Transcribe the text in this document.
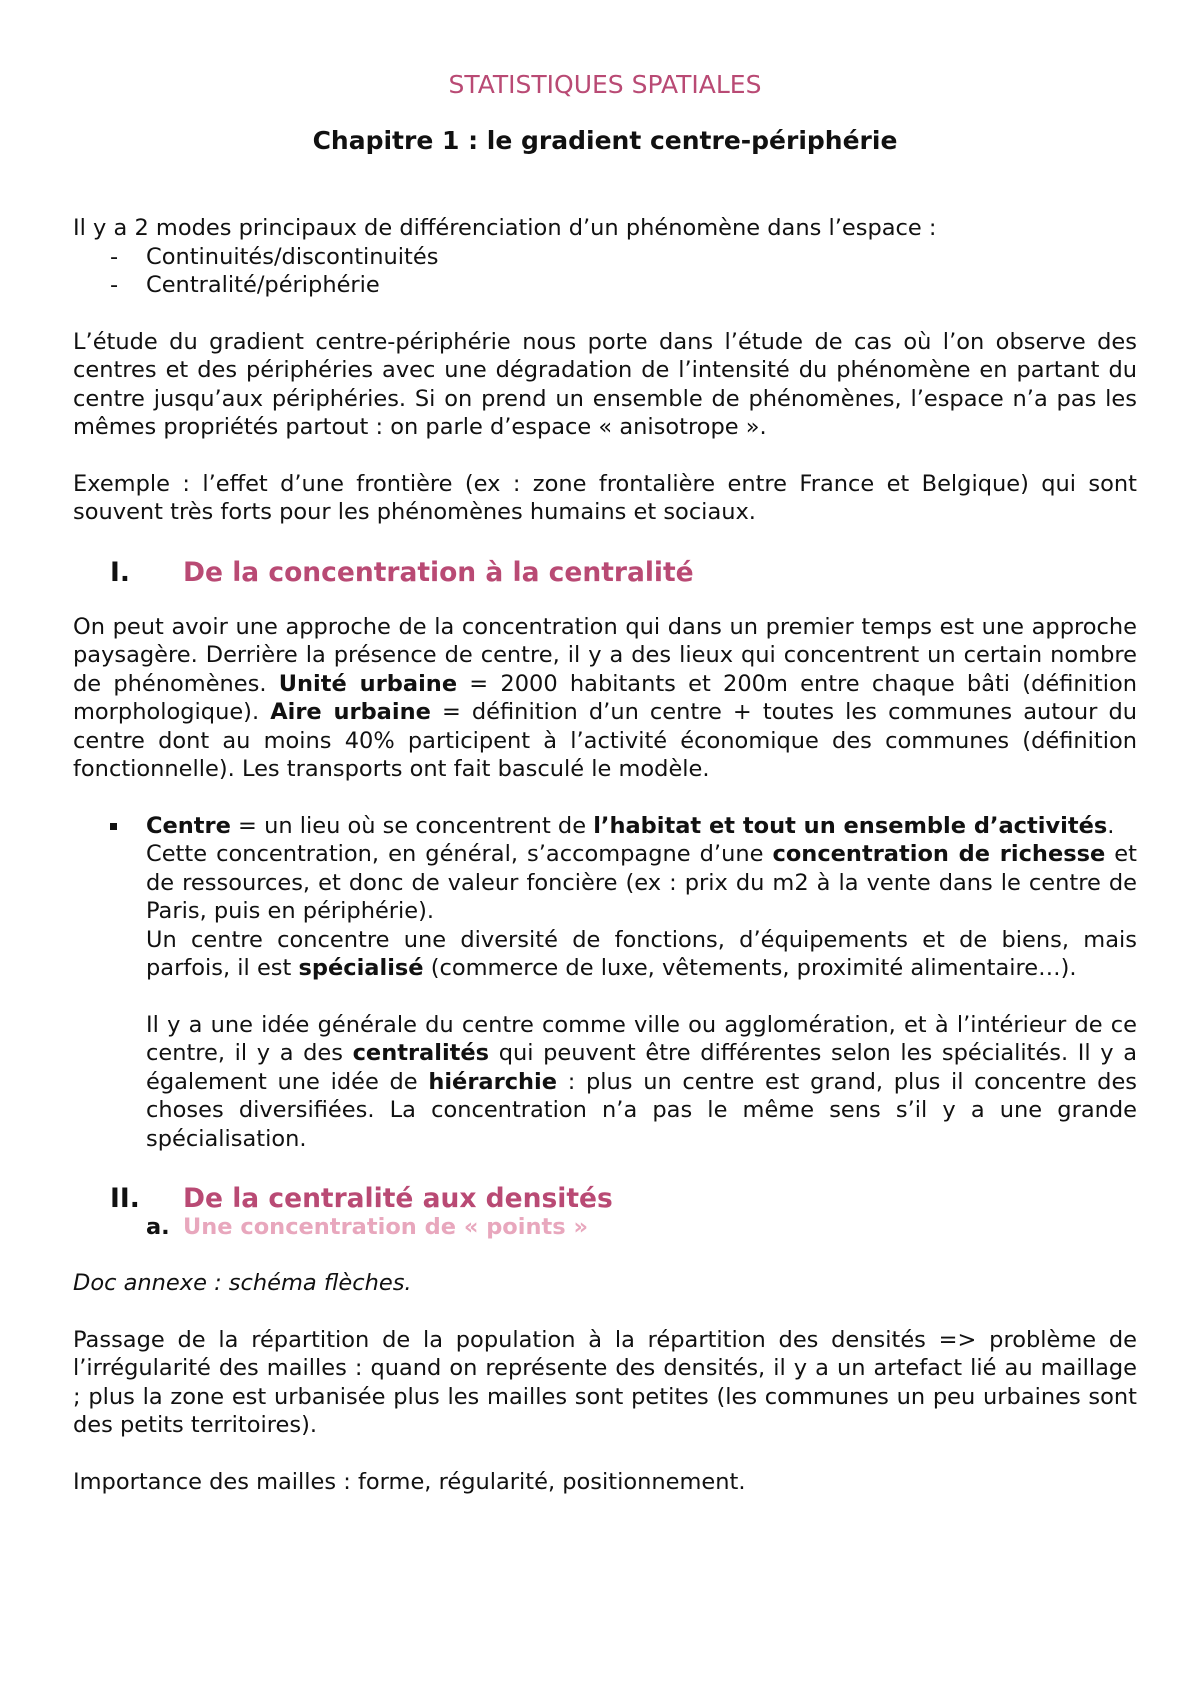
STATISTIQUES SPATIALES
Chapitre 1 : le gradient centre-périphérie

Il y a 2 modes principaux de différenciation d’un phénomène dans l’espace :

- Continuités/discontinuités
- Centralité/périphérie

L’étude du gradient centre-périphérie nous porte dans l’étude de cas où l’on observe des centres et des périphéries avec une dégradation de l’intensité du phénomène en partant du centre jusqu’aux périphéries. Si on prend un ensemble de phénomènes, l’espace n’a pas les mêmes propriétés partout : on parle d’espace « anisotrope ».

Exemple : l’effet d’une frontière (ex : zone frontalière entre France et Belgique) qui sont souvent très forts pour les phénomènes humains et sociaux.

I.	De la concentration à la centralité

On peut avoir une approche de la concentration qui dans un premier temps est une approche paysagère. Derrière la présence de centre, il y a des lieux qui concentrent un certain nombre de phénomènes. Unité urbaine = 2000 habitants et 200m entre chaque bâti (définition morphologique). Aire urbaine = définition d’un centre + toutes les communes autour du centre dont au moins 40% participent à l’activité économique des communes (définition fonctionnelle). Les transports ont fait basculé le modèle.

Centre = un lieu où se concentrent de l’habitat et tout un ensemble d’activités.

Cette concentration, en général, s’accompagne d’une concentration de richesse et de ressources, et donc de valeur foncière (ex : prix du m2 à la vente dans le centre de Paris, puis en périphérie).

Un centre concentre une diversité de fonctions, d’équipements et de biens, mais parfois, il est spécialisé (commerce de luxe, vêtements, proximité alimentaire…).

Il y a une idée générale du centre comme ville ou agglomération, et à l’intérieur de ce centre, il y a des centralités qui peuvent être différentes selon les spécialités. Il y a également une idée de hiérarchie : plus un centre est grand, plus il concentre des choses diversifiées. La concentration n’a pas le même sens s’il y a une grande spécialisation.

II.	De la centralité aux densités
a. Une concentration de « points »

Doc annexe : schéma flèches.

Passage de la répartition de la population à la répartition des densités => problème de l’irrégularité des mailles : quand on représente des densités, il y a un artefact lié au maillage ; plus la zone est urbanisée plus les mailles sont petites (les communes un peu urbaines sont des petits territoires).

Importance des mailles : forme, régularité, positionnement.
